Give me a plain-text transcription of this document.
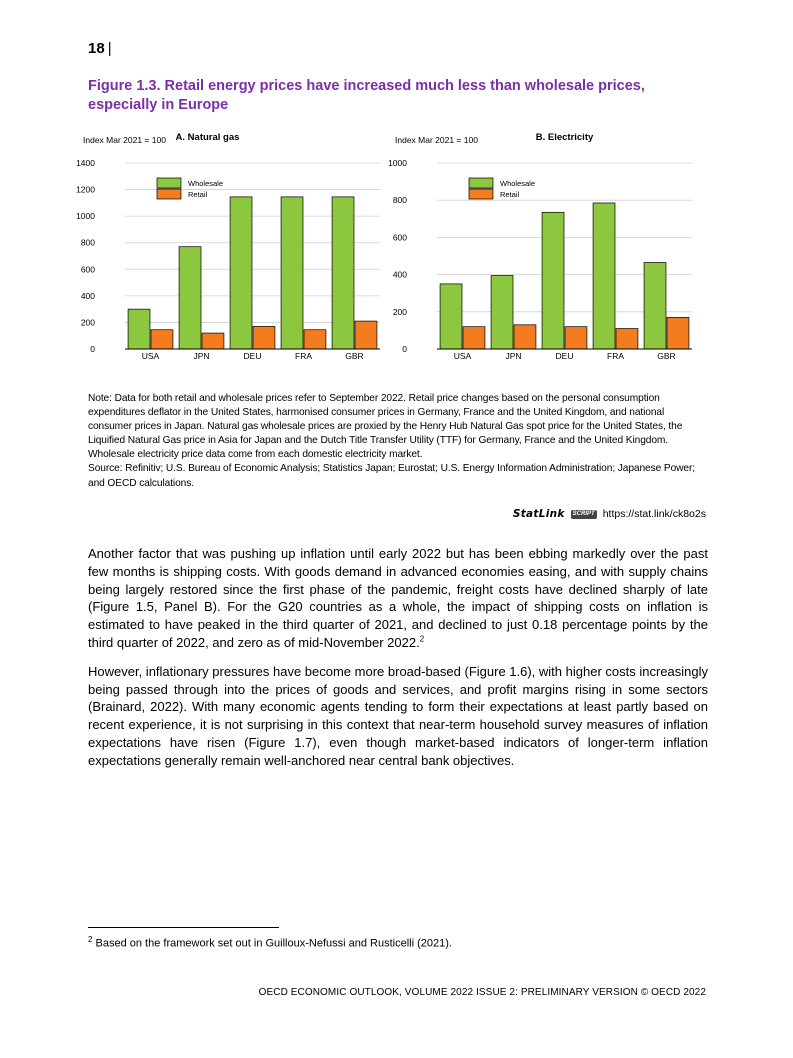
18 |
Figure 1.3. Retail energy prices have increased much less than wholesale prices, especially in Europe
Index Mar 2021 = 100 A. Natural gas
0
200
400
600
800
1000
1200
1400
USA	JPN	DEU	FRA	GBR
Wholesale
Retail
Index Mar 2021 = 100	B. Electricity
0
200
400
600
800
1000
USA	JPN	DEU	FRA	GBR
Wholesale
Retail

Note: Data for both retail and wholesale prices refer to September 2022. Retail price changes based on the personal consumption expenditures deflator in the United States, harmonised consumer prices in Germany, France and the United Kingdom, and national consumer prices in Japan. Natural gas wholesale prices are proxied by the Henry Hub Natural Gas spot price for the United States, the Liquified Natural Gas price in Asia for Japan and the Dutch Title Transfer Utility (TTF) for Germany, France and the United Kingdom. Wholesale electricity price data come from each domestic electricity market.

Source: Refinitiv; U.S. Bureau of Economic Analysis; Statistics Japan; Eurostat; U.S. Energy Information Administration; Japanese Power; and OECD calculations.

StatLink	SCRIPT https://stat.link/ck8o2s

Another factor that was pushing up inflation until early 2022 but has been ebbing markedly over the past few months is shipping costs. With goods demand in advanced economies easing, and with supply chains being largely restored since the first phase of the pandemic, freight costs have declined sharply of late (Figure 1.5, Panel B). For the G20 countries as a whole, the impact of shipping costs on inflation is estimated to have peaked in the third quarter of 2021, and declined to just 0.18 percentage points by the third quarter of 2022, and zero as of mid-November 2022.$^2$

However, inflationary pressures have become more broad-based (Figure 1.6), with higher costs increasingly being passed through into the prices of goods and services, and profit margins rising in some sectors (Brainard, 2022). With many economic agents tending to form their expectations at least partly based on recent experience, it is not surprising in this context that near-term household survey measures of inflation expectations have risen (Figure 1.7), even though market-based indicators of longer-term inflation expectations generally remain well-anchored near central bank objectives.

$^2$ Based on the framework set out in Guilloux-Nefussi and Rusticelli (2021).
OECD ECONOMIC OUTLOOK, VOLUME 2022 ISSUE 2: PRELIMINARY VERSION © OECD 2022
